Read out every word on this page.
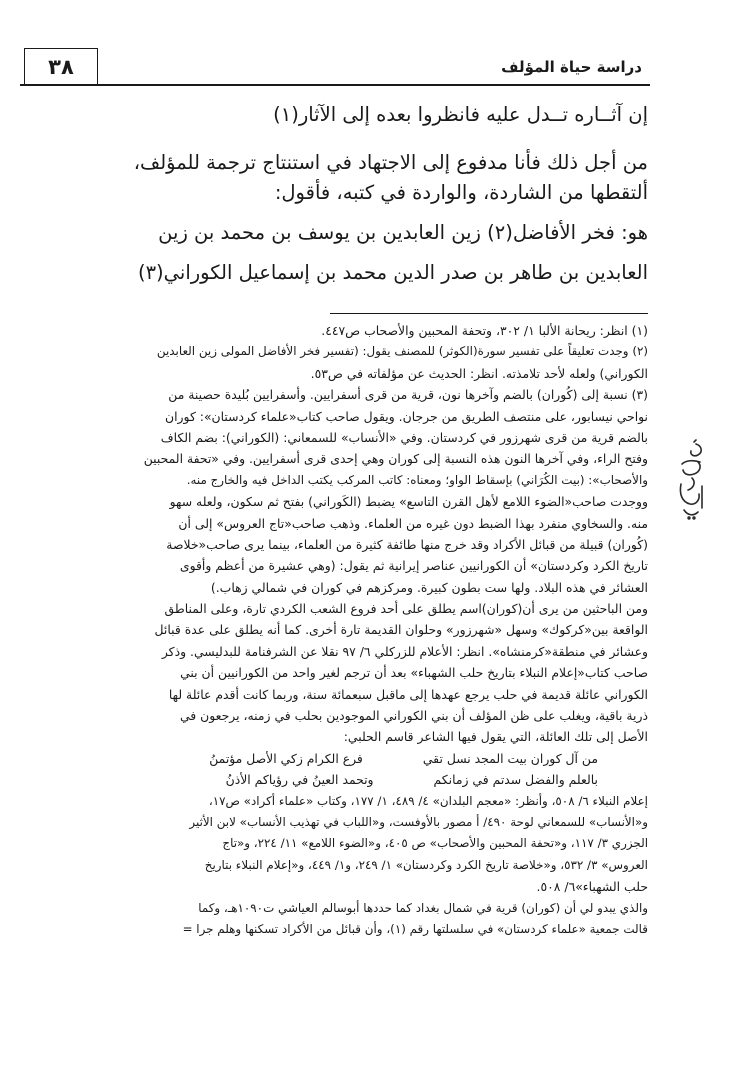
٣٨	دراسة حياة المؤلف
إن آثــاره تــدل عليه فانظروا بعده إلى الآثار(١)
من أجل ذلك فأنا مدفوع إلى الاجتهاد في استنتاج ترجمة للمؤلف،
ألتقطها من الشاردة، والواردة في كتبه، فأقول:
هو: فخر الأفاضل(٢) زين العابدين بن يوسف بن محمد بن زين
العابدين بن طاهر بن صدر الدين محمد بن إسماعيل الكوراني(٣)
(١) انظر: ريحانة الألبا ١/ ٣٠٢، وتحفة المحبين والأصحاب ص٤٤٧.
(٢) وجدت تعليقاً على تفسير سورة(الكوثر) للمصنف يقول: (تفسير فخر الأفاضل المولى زين العابدين
الكوراني) ولعله لأحد تلامذته. انظر: الحديث عن مؤلفاته في ص٥٣.
(٣) نسبة إلى (كُوران) بالضم وآخرها نون، قرية من قرى أسفرايين. وأسفرايين بُليدة حصينة من
نواحي نيسابور، على منتصف الطريق من جرجان. ويقول صاحب كتاب«علماء كردستان»: كوران
بالضم قرية من قرى شهرزور في كردستان. وفي «الأنساب» للسمعاني: (الكوراني): بضم الكاف
وفتح الراء، وفي آخرها النون هذه النسبة إلى كوران وهي إحدى قرى أسفرايين. وفي «تحفة المحبين
والأصحاب»: (بيت الكُرَاني) بإسقاط الواو؛ ومعناه: كاتب المركب يكتب الداخل فيه والخارج منه.
ووجدت صاحب«الضوء اللامع لأهل القرن التاسع» يضبط (الكَوراني) بفتح ثم سكون، ولعله سهو
منه. والسخاوي منفرد بهذا الضبط دون غيره من العلماء. وذهب صاحب«تاج العروس» إلى أن
(كُوران) قبيلة من قبائل الأكراد وقد خرج منها طائفة كثيرة من العلماء، بينما يرى صاحب«خلاصة
تاريخ الكرد وكردستان» أن الكورانيين عناصر إيرانية ثم يقول: (وهي عشيرة من أعظم وأقوى
العشائر في هذه البلاد. ولها ست بطون كبيرة. ومركزهم في كوران في شمالي زهاب.)
ومن الباحثين من يرى أن(كوران)اسم يطلق على أحد فروع الشعب الكردي تارة، وعلى المناطق
الواقعة بين«كركوك» وسهل «شهرزور» وحلوان القديمة تارة أخرى. كما أنه يطلق على عدة قبائل
وعشائر في منطقة«كرمنشاه». انظر: الأعلام للزركلي ٦/ ٩٧ نقلا عن الشرفنامة للبدليسي. وذكر
صاحب كتاب«إعلام النبلاء بتاريخ حلب الشهباء» بعد أن ترجم لغير واحد من الكورانيين أن بني
الكوراني عائلة قديمة في حلب يرجع عهدها إلى ماقبل سبعمائة سنة، وربما كانت أقدم عائلة لها
ذرية باقية، ويغلب على ظن المؤلف أن بني الكوراني الموجودين بحلب في زمنه، يرجعون في
الأصل إلى تلك العائلة، التي يقول فيها الشاعر قاسم الحلبي:
من آل كوران بيت المجد نسل تقي
فرع الكرام زكي الأصل مؤتمنُ
بالعلم والفضل سدتم في زمانكم
وتحمد العينُ في رؤياكم الأذنُ
إعلام النبلاء ٦/ ٥٠٨، وأنظر: «معجم البلدان» ٤/ ٤٨٩، ١/ ١٧٧، وكتاب «علماء أكراد» ص١٧،
و«الأنساب» للسمعاني لوحة ٤٩٠/ أ مصور بالأوفست، و«اللباب في تهذيب الأنساب» لابن الأثير
الجزري ٣/ ١١٧، و«تحفة المحبين والأصحاب» ص ٤٠٥، و«الضوء اللامع» ١١/ ٢٢٤، و«تاج
العروس» ٣/ ٥٣٢، و«خلاصة تاريخ الكرد وكردستان» ١/ ٢٤٩، و١/ ٤٤٩، و«إعلام النبلاء بتاريخ
حلب الشهباء»٦/ ٥٠٨.
والذي يبدو لي أن (كوران) قرية في شمال بغداد كما حددها أبوسالم العياشي ت١٠٩٠هـ، وكما
قالت جمعية «علماء كردستان» في سلسلتها رقم (١)، وأن قبائل من الأكراد تسكنها وهلم جرا =
